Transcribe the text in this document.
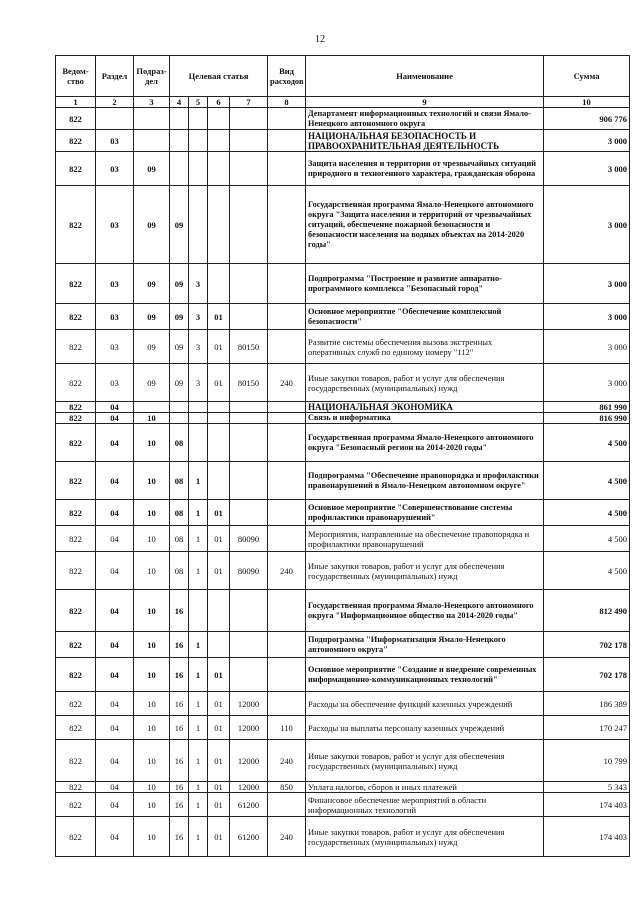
12
Ведом-ство	Раздел	Подраз-дел	Целевая статья				Вид расходов	Наименование	Сумма
1	2	3	4	5	6	7	8	9	10
822								Департамент информационных технологий и связи Ямало-Ненецкого автономного округа	906 776
822	03							НАЦИОНАЛЬНАЯ БЕЗОПАСНОСТЬ И ПРАВООХРАНИТЕЛЬНАЯ ДЕЯТЕЛЬНОСТЬ	3 000
822	03	09						Защита населения и территории от чрезвычайных ситуаций природного и техногенного характера, гражданская оборона	3 000
822	03	09	09					Государственная программа Ямало-Ненецкого автономного округа "Защита населения и территорий от чрезвычайных ситуаций, обеспечение пожарной безопасности и безопасности населения на водных объектах на 2014-2020 годы"	3 000
822	03	09	09	3				Подпрограмма "Построение и развитие аппаратно-программного комплекса "Безопасный город"	3 000
822	03	09	09	3	01			Основное мероприятие "Обеспечение комплексной безопасности"	3 000
822	03	09	09	3	01	80150		Развитие системы обеспечения вызова экстренных оперативных служб по единому номеру "112"	3 000
822	03	09	09	3	01	80150	240	Иные закупки товаров, работ и услуг для обеспечения государственных (муниципальных) нужд	3 000
822	04							НАЦИОНАЛЬНАЯ ЭКОНОМИКА	861 990
822	04	10						Связь и информатика	816 990
822	04	10	08					Государственная программа Ямало-Ненецкого автономного округа "Безопасный регион на 2014-2020 годы"	4 500
822	04	10	08	1				Подпрограмма "Обеспечение правопорядка и профилактики правонарушений в Ямало-Ненецком автономном округе"	4 500
822	04	10	08	1	01			Основное мероприятие "Совершенствование системы профилактики правонарушений"	4 500
822	04	10	08	1	01	80090		Мероприятия, направленные на обеспечение правопорядка и профилактики правонарушений	4 500
822	04	10	08	1	01	80090	240	Иные закупки товаров, работ и услуг для обеспечения государственных (муниципальных) нужд	4 500
822	04	10	16					Государственная программа Ямало-Ненецкого автономного округа "Информационное общество на 2014-2020 годы"	812 490
822	04	10	16	1				Подпрограмма "Информатизация Ямало-Ненецкого автономного округа"	702 178
822	04	10	16	1	01			Основное мероприятие "Создание и внедрение современных информационно-коммуникационных технологий"	702 178
822	04	10	16	1	01	12000		Расходы на обеспечение функций казенных учреждений	186 389
822	04	10	16	1	01	12000	110	Расходы на выплаты персоналу казенных учреждений	170 247
822	04	10	16	1	01	12000	240	Иные закупки товаров, работ и услуг для обеспечения государственных (муниципальных) нужд	10 799
822	04	10	16	1	01	12000	850	Уплата налогов, сборов и иных платежей	5 343
822	04	10	16	1	01	61200		Финансовое обеспечение мероприятий в области информационных технологий	174 403
822	04	10	16	1	01	61200	240	Иные закупки товаров, работ и услуг для обеспечения государственных (муниципальных) нужд	174 403
